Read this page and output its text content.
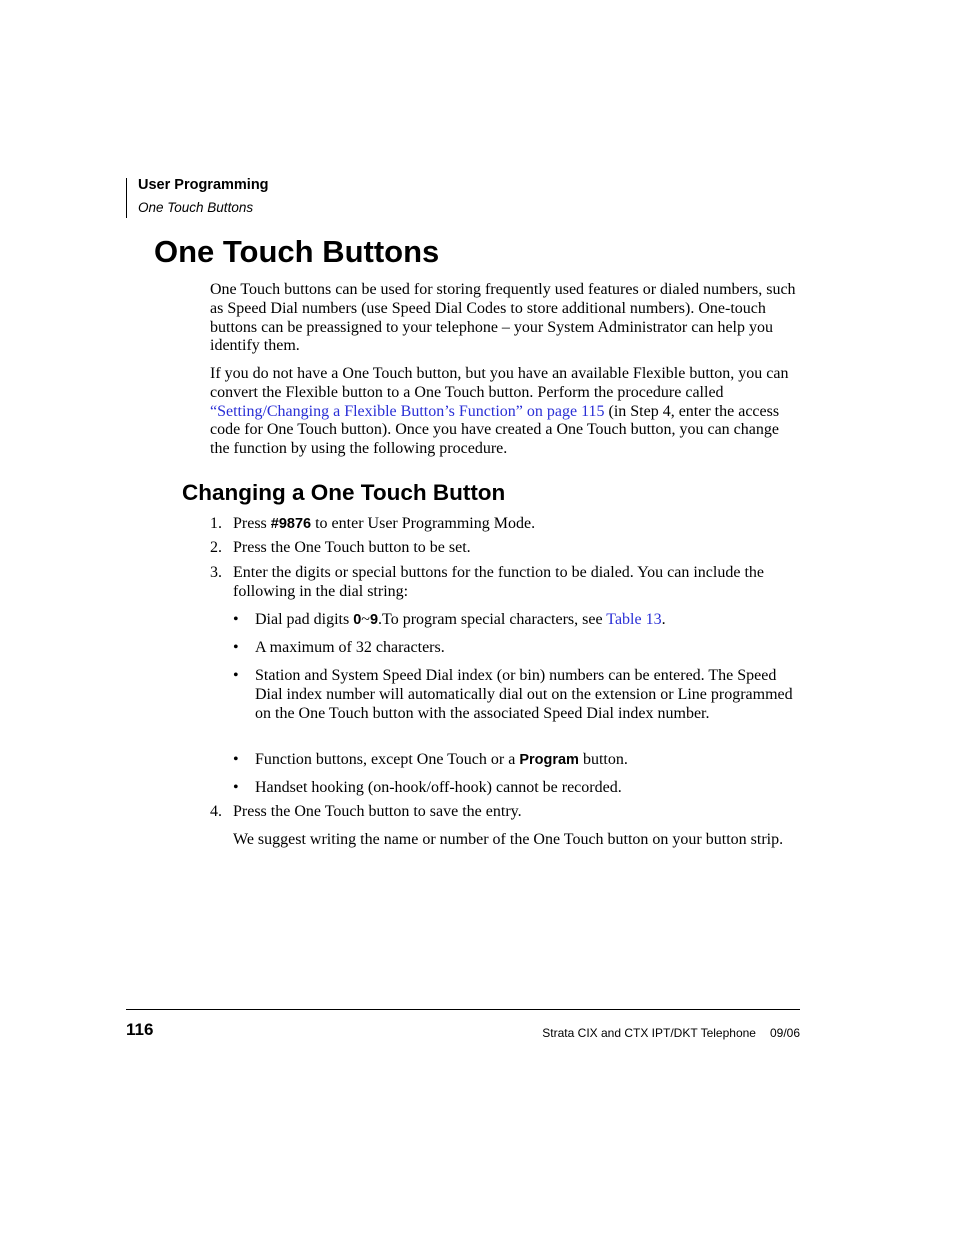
User Programming
One Touch Buttons
One Touch Buttons

One Touch buttons can be used for storing frequently used features or dialed numbers, such as Speed Dial numbers (use Speed Dial Codes to store additional numbers). One-touch buttons can be preassigned to your telephone – your System Administrator can help you identify them.

If you do not have a One Touch button, but you have an available Flexible button, you can convert the Flexible button to a One Touch button. Perform the procedure called “Setting/Changing a Flexible Button’s Function” on page 115 (in Step 4, enter the access code for One Touch button). Once you have created a One Touch button, you can change the function by using the following procedure.

Changing a One Touch Button
1. Press #9876 to enter User Programming Mode.
2. Press the One Touch button to be set.
3. Enter the digits or special buttons for the function to be dialed. You can include the following in the dial string:
• Dial pad digits 0~9.To program special characters, see Table 13.
• A maximum of 32 characters.
• Station and System Speed Dial index (or bin) numbers can be entered. The Speed Dial index number will automatically dial out on the extension or Line programmed on the One Touch button with the associated Speed Dial index number.
• Function buttons, except One Touch or a Program button.
• Handset hooking (on-hook/off-hook) cannot be recorded.
4. Press the One Touch button to save the entry.
We suggest writing the name or number of the One Touch button on your button strip.
116	Strata CIX and CTX IPT/DKT Telephone 09/06
